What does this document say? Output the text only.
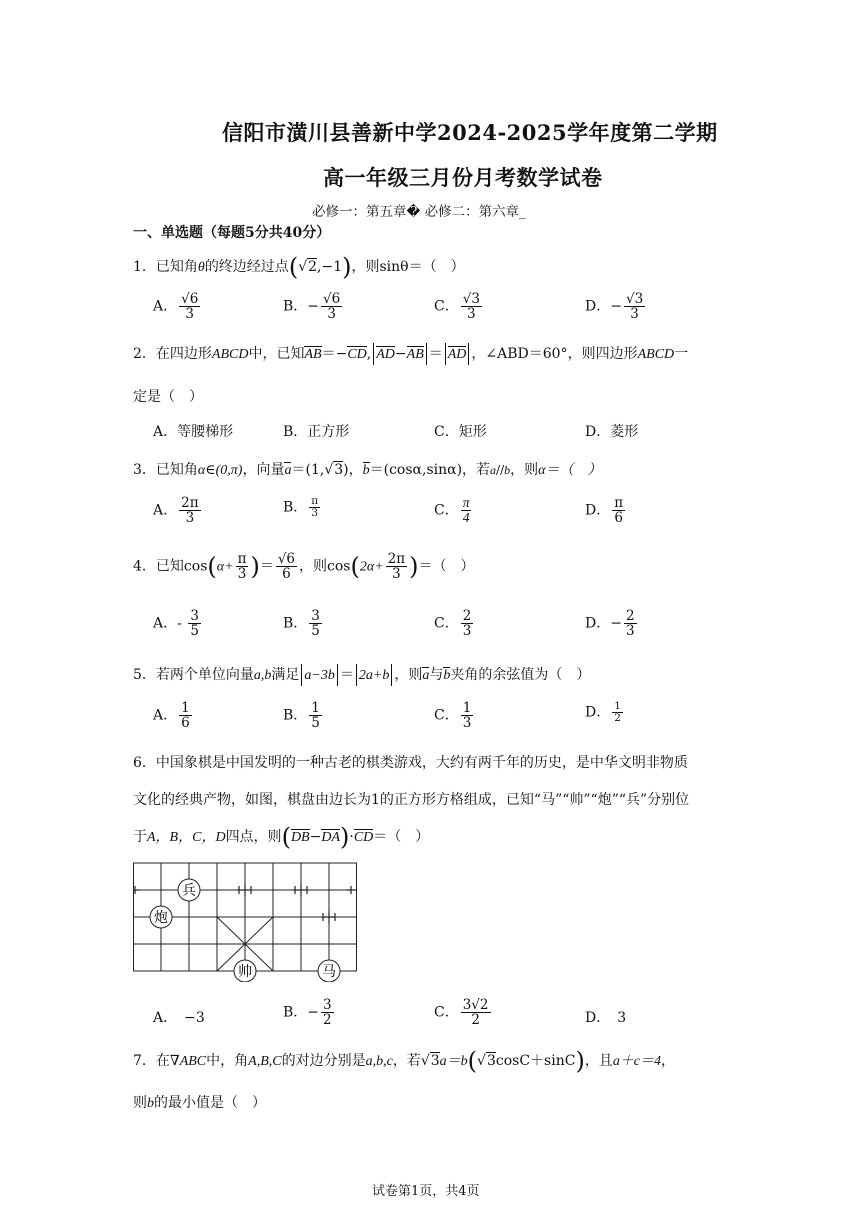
信阳市潢川县善新中学2024-2025学年度第二学期
高一年级三月份月考数学试卷
必修一：第五章� 必修二：第六章_
一、单选题（每题5分共40分）
1．已知角θ的终边经过点(√2,−1)，则sinθ＝（　）
A． $\frac{√6}{3}$	B．− $\frac{√6}{3}$	C． $\frac{√3}{3}$	D．− $\frac{√3}{3}$
2．在四边形ABCD中，已知AB＝−CD, AD−AB ＝ AD ，∠ABD＝60°，则四边形ABCD一
定是（　）
A．等腰梯形	B．正方形	C．矩形	D．菱形
3．已知角α∈(0,π)，向量a＝(1,√3)，b＝(cosα,sinα)，若a//b，则α＝（　）
A． $\frac{2\pi}{3}$	B． $\frac{\pi}{3}$	C． $\frac{\pi}{4}$	D． $\frac{\pi}{6}$
4．已知$\cos(\alpha+ \frac{\pi}{3}$ )＝ $\frac{√6}{6}$ ，则$\cos(2\alpha+ \frac{2\pi}{3}$ )＝（　）
A．- $\frac{3}{5}$	B． $\frac{3}{5}$	C． $\frac{2}{3}$	D．− $\frac{2}{3}$
5．若两个单位向量a,b满足 a−3b ＝ 2a+b ，则a与b夹角的余弦值为（　）
A． $\frac{1}{6}$	B． $\frac{1}{5}$	C． $\frac{1}{3}$	D． $\frac{1}{2}$
6．中国象棋是中国发明的一种古老的棋类游戏，大约有两千年的历史，是中华文明非物质
文化的经典产物，如图，棋盘由边长为1的正方形方格组成，已知“马”“帅”“炮”“兵”分别位
于A，B，C，D四点，则(DB−DA)·CD＝（　）
兵
炮
帅	马
A．　−3	B．− $\frac{3}{2}$	C． $\frac{3√2}{2}$	D．　3
7．在∇ABC中，角A,B,C的对边分别是a,b,c，若√3a＝b(√3cosC＋sinC)，且a＋c＝4，
则b的最小值是（　）
试卷第1页，共4页
